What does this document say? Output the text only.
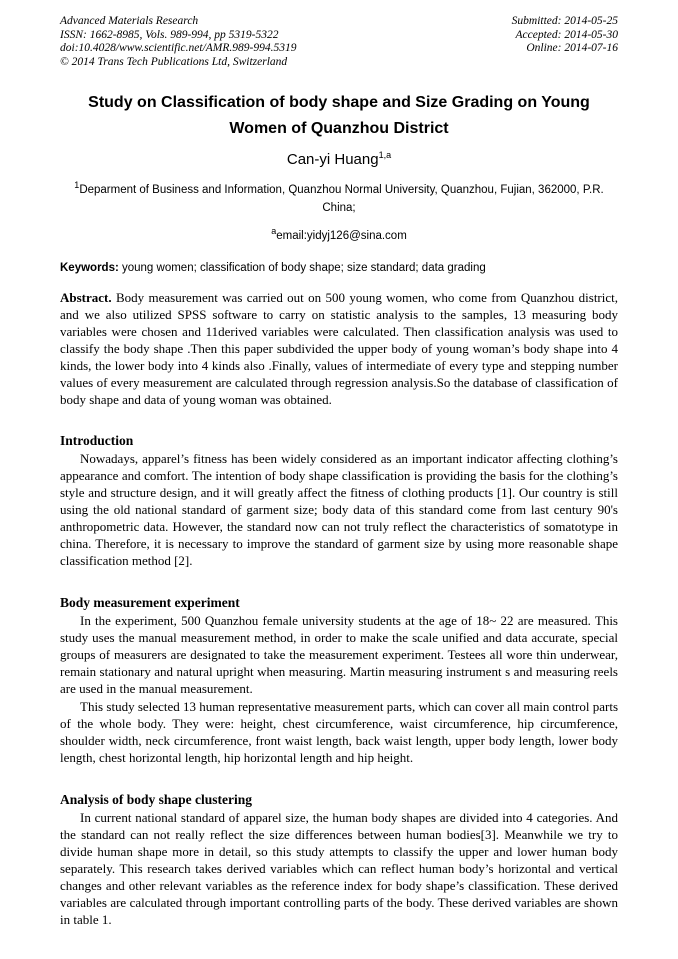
Advanced Materials Research
ISSN: 1662-8985, Vols. 989-994, pp 5319-5322
doi:10.4028/www.scientific.net/AMR.989-994.5319
© 2014 Trans Tech Publications Ltd, Switzerland
Submitted: 2014-05-25
Accepted: 2014-05-30
Online: 2014-07-16
Study on Classification of body shape and Size Grading on Young Women of Quanzhou District
Can-yi Huang$^{1,a}$
$^1$Deparment of Business and Information, Quanzhou Normal University, Quanzhou, Fujian, 362000, P.R. China;
$^a$email:yidyj126@sina.com

Keywords: young women; classification of body shape; size standard; data grading

Abstract. Body measurement was carried out on 500 young women, who come from Quanzhou district, and we also utilized SPSS software to carry on statistic analysis to the samples, 13 measuring body variables were chosen and 11derived variables were calculated. Then classification analysis was used to classify the body shape .Then this paper subdivided the upper body of young woman’s body shape into 4 kinds, the lower body into 4 kinds also .Finally, values of intermediate of every type and stepping number values of every measurement are calculated through regression analysis.So the database of classification of body shape and data of young woman was obtained.

Introduction

Nowadays, apparel’s fitness has been widely considered as an important indicator affecting clothing’s appearance and comfort. The intention of body shape classification is providing the basis for the clothing’s style and structure design, and it will greatly affect the fitness of clothing products [1]. Our country is still using the old national standard of garment size; body data of this standard come from last century 90's anthropometric data. However, the standard now can not truly reflect the characteristics of somatotype in china. Therefore, it is necessary to improve the standard of garment size by using more reasonable shape classification method [2].

Body measurement experiment

In the experiment, 500 Quanzhou female university students at the age of 18~ 22 are measured. This study uses the manual measurement method, in order to make the scale unified and data accurate, special groups of measurers are designated to take the measurement experiment. Testees all wore thin underwear, remain stationary and natural upright when measuring. Martin measuring instrument s and measuring reels are used in the manual measurement.

This study selected 13 human representative measurement parts, which can cover all main control parts of the whole body. They were: height, chest circumference, waist circumference, hip circumference, shoulder width, neck circumference, front waist length, back waist length, upper body length, lower body length, chest horizontal length, hip horizontal length and hip height.

Analysis of body shape clustering

In current national standard of apparel size, the human body shapes are divided into 4 categories. And the standard can not really reflect the size differences between human bodies[3]. Meanwhile we try to divide human shape more in detail, so this study attempts to classify the upper and lower human body separately. This research takes derived variables which can reflect human body’s horizontal and vertical changes and other relevant variables as the reference index for body shape’s classification. These derived variables are calculated through important controlling parts of the body. These derived variables are shown in table 1.
